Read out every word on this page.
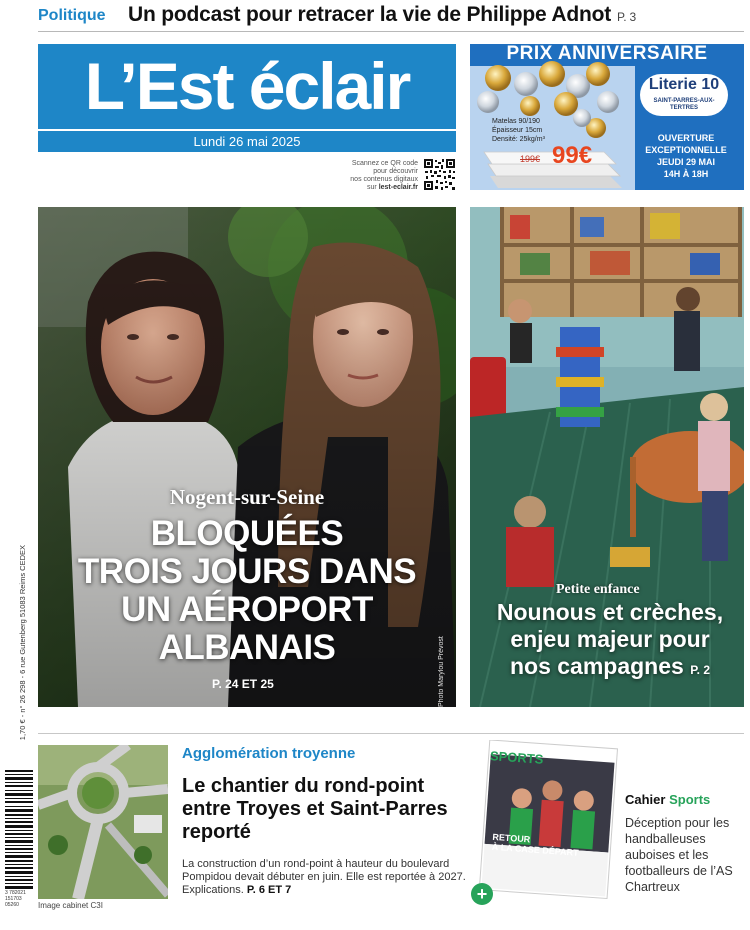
Politique Un podcast pour retracer la vie de Philippe Adnot P. 3
L’Est éclair
Lundi 26 mai 2025
Scannez ce QR code
pour découvrir
nos contenus digitaux
sur lest-eclair.fr
PRIX ANNIVERSAIRE
Literie 10
SAINT-PARRES-AUX-TERTRES
Matelas 90/190
Épaisseur 15cm
Densité: 25kg/m³
199€ 99€
OUVERTURE
EXCEPTIONNELLE
JEUDI 29 MAI
14H À 18H
Nogent-sur-Seine
BLOQUÉES
TROIS JOURS DANS
UN AÉROPORT
ALBANAIS
P. 24 ET 25	Photo Marylou Prévost
Petite enfance
Nounous et crèches,
enjeu majeur pour
nos campagnes P. 2
1,70 € - n° 26 298 - 6 rue Gutenberg 51083 Reims CEDEX
3 782021 151703 05260	Image cabinet C3I
Agglomération troyenne
Le chantier du rond-point entre Troyes et Saint-Parres reporté
La construction d’un rond-point à hauteur du boulevard Pompidou devait débuter en juin. Elle est reportée à 2027. Explications. P. 6 ET 7
SPORTS
RETOUR
À LA CASE DÉPART
+
Cahier Sports
Déception pour les handballeuses auboises et les footballeurs de l’AS Chartreux
